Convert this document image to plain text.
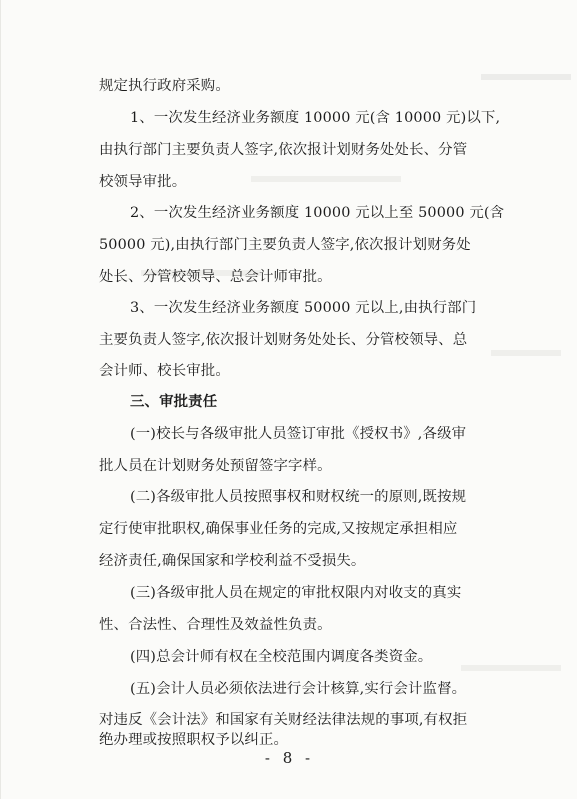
规定执行政府采购。
1、一次发生经济业务额度 10000 元(含 10000 元)以下,
由执行部门主要负责人签字,依次报计划财务处处长、分管
校领导审批。
2、一次发生经济业务额度 10000 元以上至 50000 元(含
50000 元),由执行部门主要负责人签字,依次报计划财务处
处长、分管校领导、总会计师审批。
3、一次发生经济业务额度 50000 元以上,由执行部门
主要负责人签字,依次报计划财务处处长、分管校领导、总
会计师、校长审批。
三、审批责任
(一)校长与各级审批人员签订审批《授权书》,各级审
批人员在计划财务处预留签字字样。
(二)各级审批人员按照事权和财权统一的原则,既按规
定行使审批职权,确保事业任务的完成,又按规定承担相应
经济责任,确保国家和学校利益不受损失。
(三)各级审批人员在规定的审批权限内对收支的真实
性、合法性、合理性及效益性负责。
(四)总会计师有权在全校范围内调度各类资金。
(五)会计人员必须依法进行会计核算,实行会计监督。
对违反《会计法》和国家有关财经法律法规的事项,有权拒
绝办理或按照职权予以纠正。
- 8 -
